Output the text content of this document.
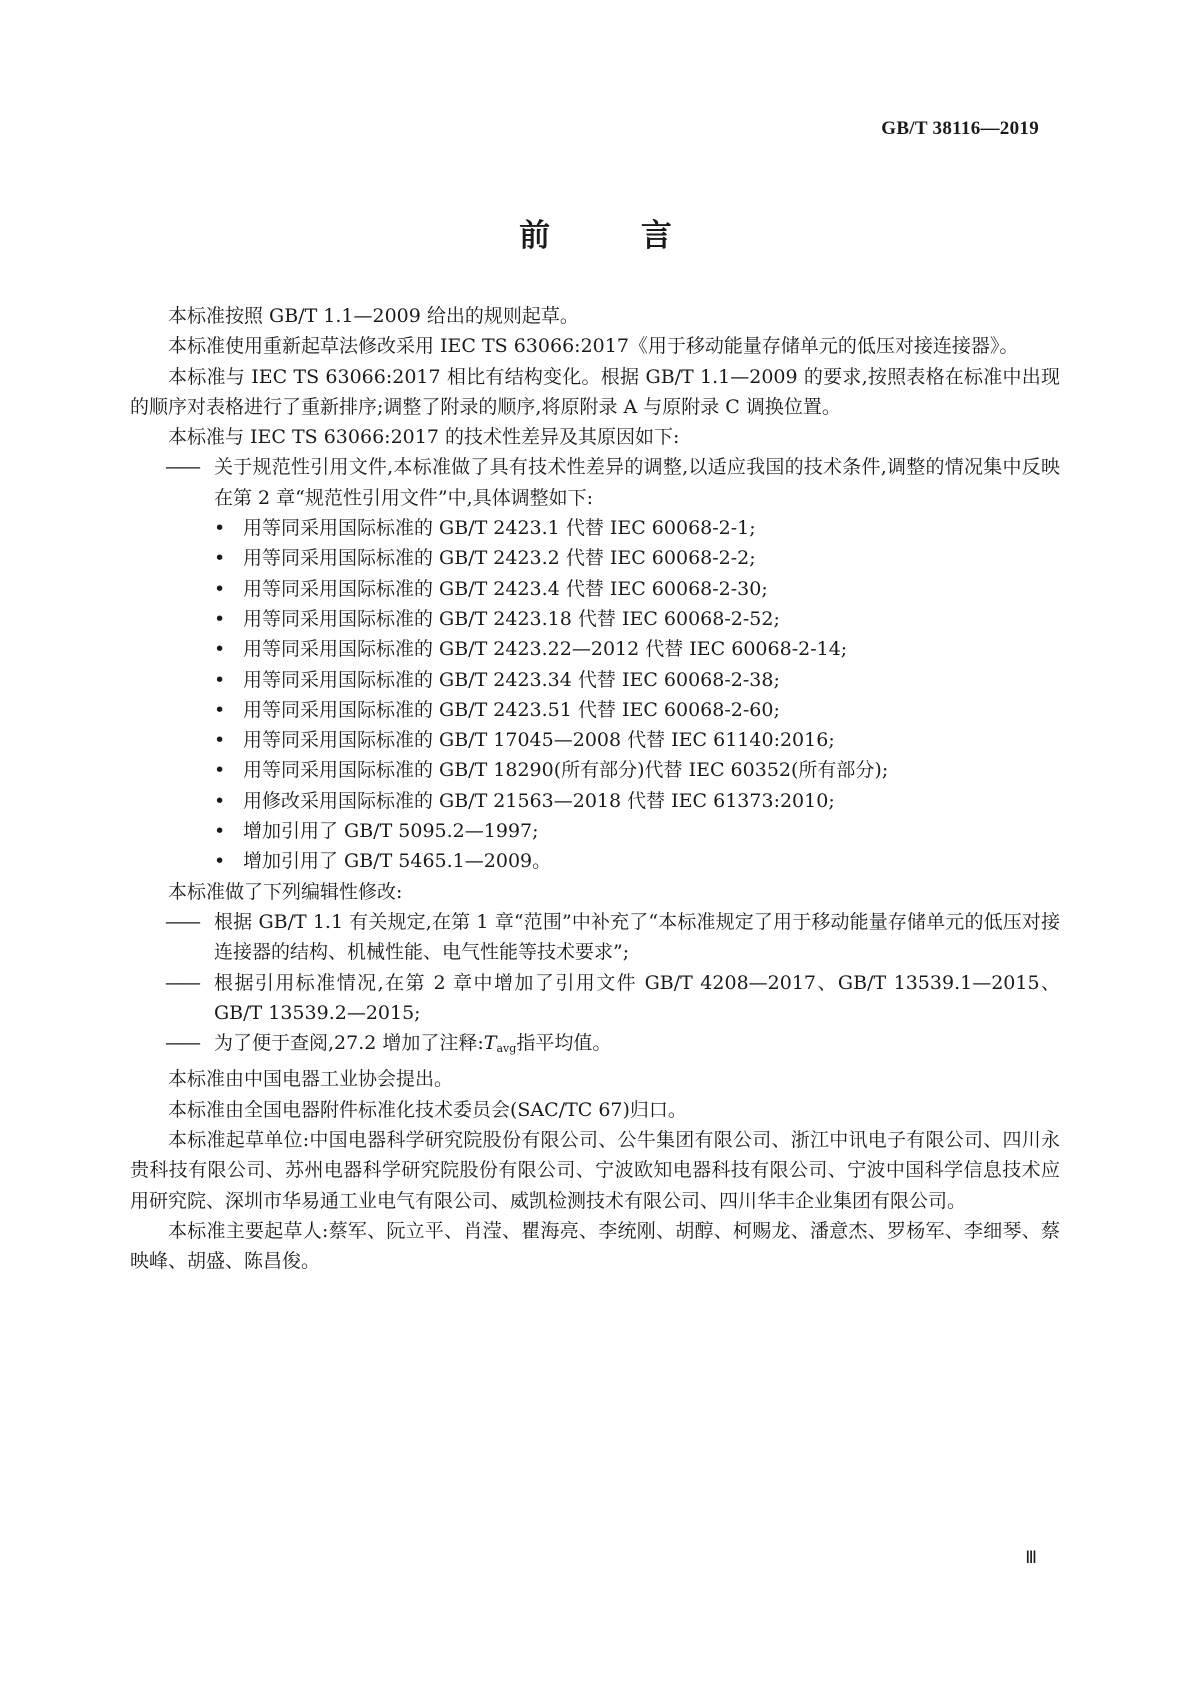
GB/T 38116—2019
前 言
本标准按照 GB/T 1.1—2009 给出的规则起草。
本标准使用重新起草法修改采用 IEC TS 63066:2017《用于移动能量存储单元的低压对接连接器》。
本标准与 IEC TS 63066:2017 相比有结构变化。根据 GB/T 1.1—2009 的要求,按照表格在标准中出现的顺序对表格进行了重新排序;调整了附录的顺序,将原附录 A 与原附录 C 调换位置。
本标准与 IEC TS 63066:2017 的技术性差异及其原因如下:
—— 关于规范性引用文件,本标准做了具有技术性差异的调整,以适应我国的技术条件,调整的情况集中反映在第 2 章“规范性引用文件”中,具体调整如下:
• 用等同采用国际标准的 GB/T 2423.1 代替 IEC 60068-2-1;
• 用等同采用国际标准的 GB/T 2423.2 代替 IEC 60068-2-2;
• 用等同采用国际标准的 GB/T 2423.4 代替 IEC 60068-2-30;
• 用等同采用国际标准的 GB/T 2423.18 代替 IEC 60068-2-52;
• 用等同采用国际标准的 GB/T 2423.22—2012 代替 IEC 60068-2-14;
• 用等同采用国际标准的 GB/T 2423.34 代替 IEC 60068-2-38;
• 用等同采用国际标准的 GB/T 2423.51 代替 IEC 60068-2-60;
• 用等同采用国际标准的 GB/T 17045—2008 代替 IEC 61140:2016;
• 用等同采用国际标准的 GB/T 18290(所有部分)代替 IEC 60352(所有部分);
• 用修改采用国际标准的 GB/T 21563—2018 代替 IEC 61373:2010;
• 增加引用了 GB/T 5095.2—1997;
• 增加引用了 GB/T 5465.1—2009。
本标准做了下列编辑性修改:
—— 根据 GB/T 1.1 有关规定,在第 1 章“范围”中补充了“本标准规定了用于移动能量存储单元的低压对接连接器的结构、机械性能、电气性能等技术要求”;
—— 根据引用标准情况,在第 2 章中增加了引用文件 GB/T 4208—2017、GB/T 13539.1—2015、GB/T 13539.2—2015;
—— 为了便于查阅,27.2 增加了注释$:T_{avg}$指平均值。
本标准由中国电器工业协会提出。
本标准由全国电器附件标准化技术委员会(SAC/TC 67)归口。
本标准起草单位:中国电器科学研究院股份有限公司、公牛集团有限公司、浙江中讯电子有限公司、四川永贵科技有限公司、苏州电器科学研究院股份有限公司、宁波欧知电器科技有限公司、宁波中国科学信息技术应用研究院、深圳市华易通工业电气有限公司、威凯检测技术有限公司、四川华丰企业集团有限公司。
本标准主要起草人:蔡军、阮立平、肖滢、瞿海亮、李统刚、胡醇、柯赐龙、潘意杰、罗杨军、李细琴、蔡映峰、胡盛、陈昌俊。
Ⅲ
